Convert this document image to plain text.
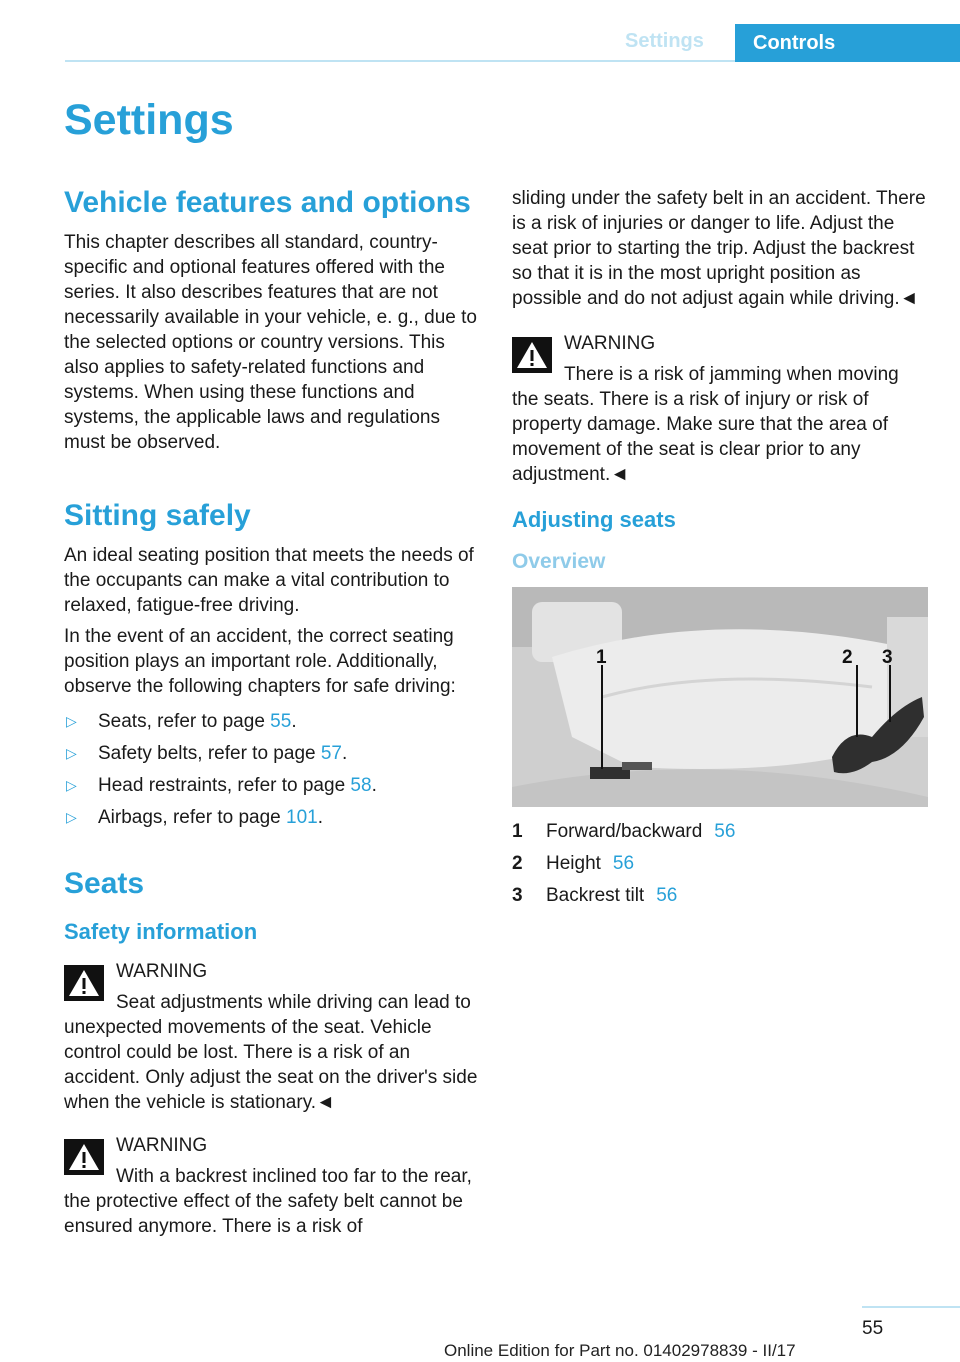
Settings Controls
Settings
Vehicle features and options

This chapter describes all standard, country-specific and optional features offered with the series. It also describes features that are not necessarily available in your vehicle, e. g., due to the selected options or country versions. This also applies to safety-related functions and systems. When using these functions and systems, the applicable laws and regulations must be observed.

Sitting safely

An ideal seating position that meets the needs of the occupants can make a vital contribution to relaxed, fatigue-free driving.

In the event of an accident, the correct seating position plays an important role. Additionally, observe the following chapters for safe driving:

▷ Seats, refer to page 55.
▷ Safety belts, refer to page 57.
▷ Head restraints, refer to page 58.
▷ Airbags, refer to page 101.
Seats
Safety information
WARNING
Seat adjustments while driving can lead to unexpected movements of the seat. Vehicle control could be lost. There is a risk of an accident. Only adjust the seat on the driver's side when the vehicle is stationary.◄
WARNING
With a backrest inclined too far to the rear, the protective effect of the safety belt cannot be ensured anymore. There is a risk of

sliding under the safety belt in an accident. There is a risk of injuries or danger to life. Adjust the seat prior to starting the trip. Adjust the backrest so that it is in the most upright position as possible and do not adjust again while driving.◄

WARNING
There is a risk of jamming when moving the seats. There is a risk of injury or risk of property damage. Make sure that the area of movement of the seat is clear prior to any adjustment.◄
Adjusting seats
Overview
1	2 3
1 Forward/backward 56
2 Height 56
3 Backrest tilt 56
55
Online Edition for Part no. 01402978839 - II/17
